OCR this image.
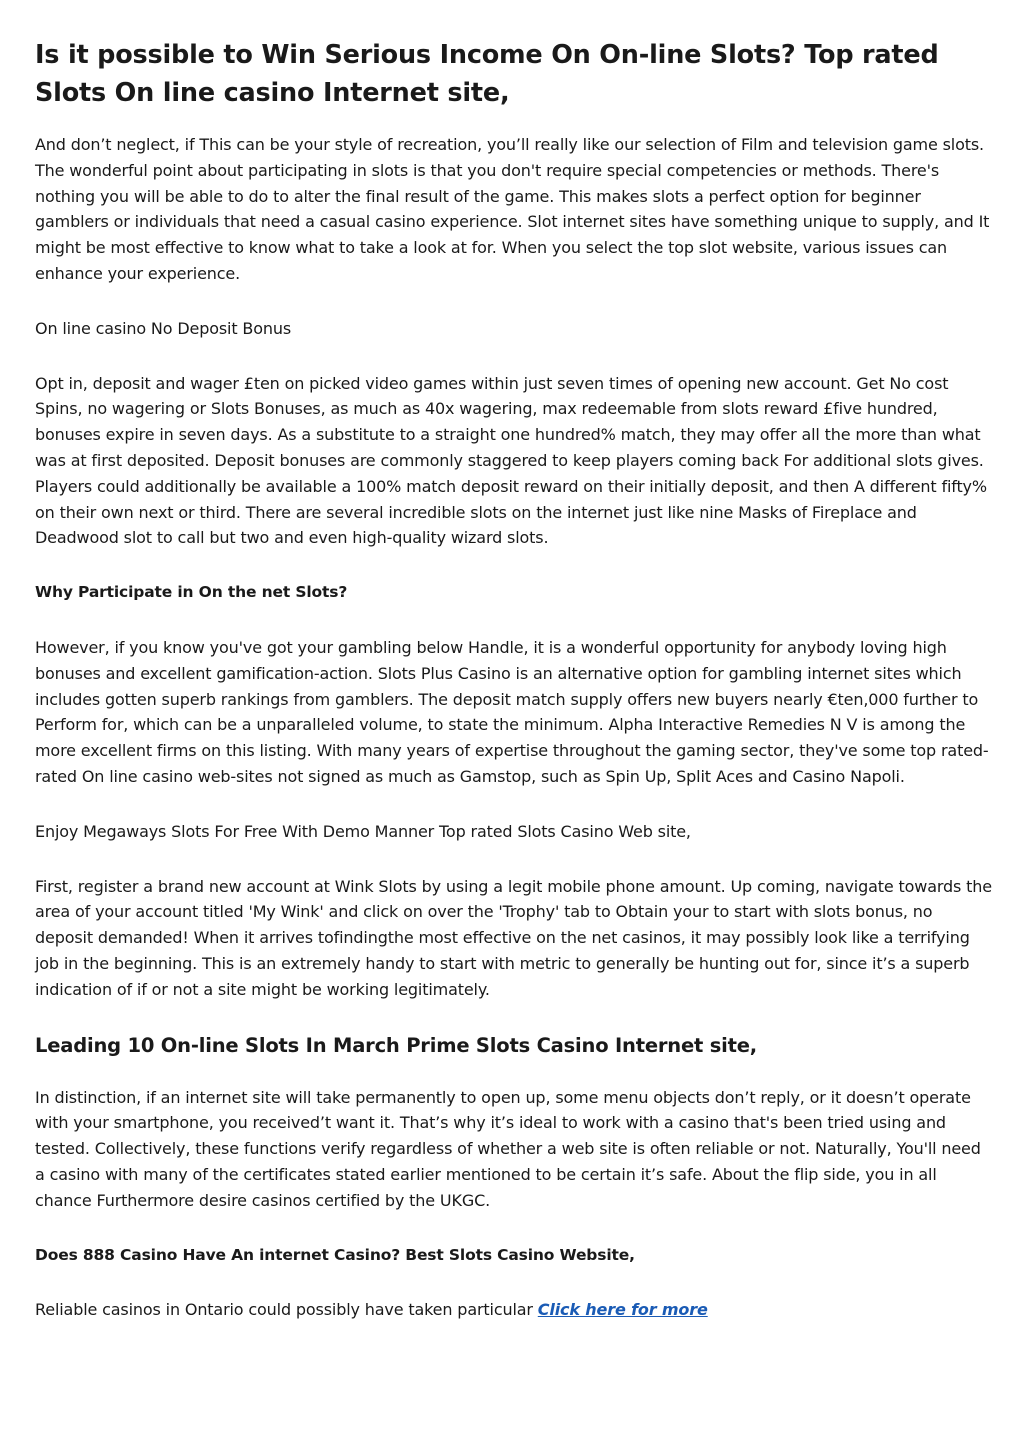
Is it possible to Win Serious Income On On-line Slots? Top rated Slots On line casino Internet site,

And don’t neglect, if This can be your style of recreation, you’ll really like our selection of Film and television game slots. The wonderful point about participating in slots is that you don't require special competencies or methods. There's nothing you will be able to do to alter the final result of the game. This makes slots a perfect option for beginner gamblers or individuals that need a casual casino experience. Slot internet sites have something unique to supply, and It might be most effective to know what to take a look at for. When you select the top slot website, various issues can enhance your experience.

On line casino No Deposit Bonus

Opt in, deposit and wager £ten on picked video games within just seven times of opening new account. Get No cost Spins, no wagering or Slots Bonuses, as much as 40x wagering, max redeemable from slots reward £five hundred, bonuses expire in seven days. As a substitute to a straight one hundred% match, they may offer all the more than what was at first deposited. Deposit bonuses are commonly staggered to keep players coming back For additional slots gives. Players could additionally be available a 100% match deposit reward on their initially deposit, and then A different fifty% on their own next or third. There are several incredible slots on the internet just like nine Masks of Fireplace and Deadwood slot to call but two and even high-quality wizard slots.

Why Participate in On the net Slots?

However, if you know you've got your gambling below Handle, it is a wonderful opportunity for anybody loving high bonuses and excellent gamification-action. Slots Plus Casino is an alternative option for gambling internet sites which includes gotten superb rankings from gamblers. The deposit match supply offers new buyers nearly €ten,000 further to Perform for, which can be a unparalleled volume, to state the minimum. Alpha Interactive Remedies N V is among the more excellent firms on this listing. With many years of expertise throughout the gaming sector, they've some top rated-rated On line casino web-sites not signed as much as Gamstop, such as Spin Up, Split Aces and Casino Napoli.

Enjoy Megaways Slots For Free With Demo Manner Top rated Slots Casino Web site,

First, register a brand new account at Wink Slots by using a legit mobile phone amount. Up coming, navigate towards the area of your account titled 'My Wink' and click on over the 'Trophy' tab to Obtain your to start with slots bonus, no deposit demanded! When it arrives tofindingthe most effective on the net casinos, it may possibly look like a terrifying job in the beginning. This is an extremely handy to start with metric to generally be hunting out for, since it’s a superb indication of if or not a site might be working legitimately.

Leading 10 On-line Slots In March Prime Slots Casino Internet site,

In distinction, if an internet site will take permanently to open up, some menu objects don’t reply, or it doesn’t operate with your smartphone, you received’t want it. That’s why it’s ideal to work with a casino that's been tried using and tested. Collectively, these functions verify regardless of whether a web site is often reliable or not. Naturally, You'll need a casino with many of the certificates stated earlier mentioned to be certain it’s safe. About the flip side, you in all chance Furthermore desire casinos certified by the UKGC.

Does 888 Casino Have An internet Casino? Best Slots Casino Website,

Reliable casinos in Ontario could possibly have taken particular Click here for more
